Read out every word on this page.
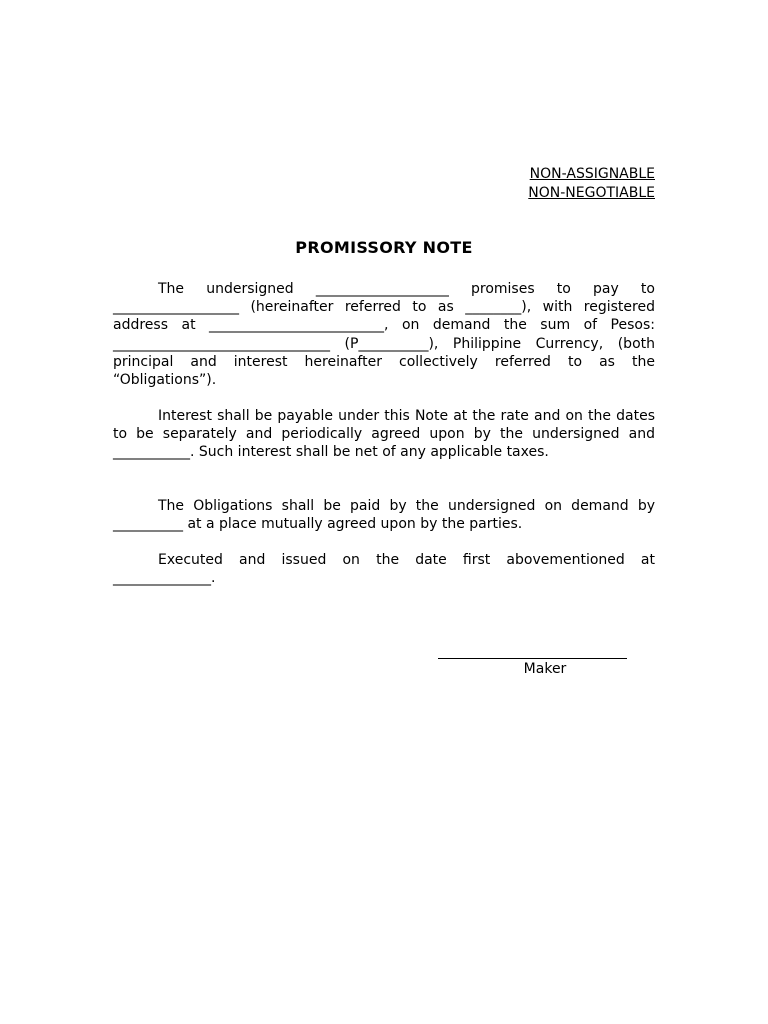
NON-ASSIGNABLE
NON-NEGOTIABLE
PROMISSORY NOTE

The undersigned ___________________ promises to pay to __________________ (hereinafter referred to as ________), with registered address at _________________________, on demand the sum of Pesos: _______________________________ (P__________), Philippine Currency, (both principal and interest hereinafter collectively referred to as the “Obligations”).

Interest shall be payable under this Note at the rate and on the dates to be separately and periodically agreed upon by the undersigned and ___________. Such interest shall be net of any applicable taxes.

The Obligations shall be paid by the undersigned on demand by __________ at a place mutually agreed upon by the parties.

Executed and issued on the date first abovementioned at ______________.

Maker
